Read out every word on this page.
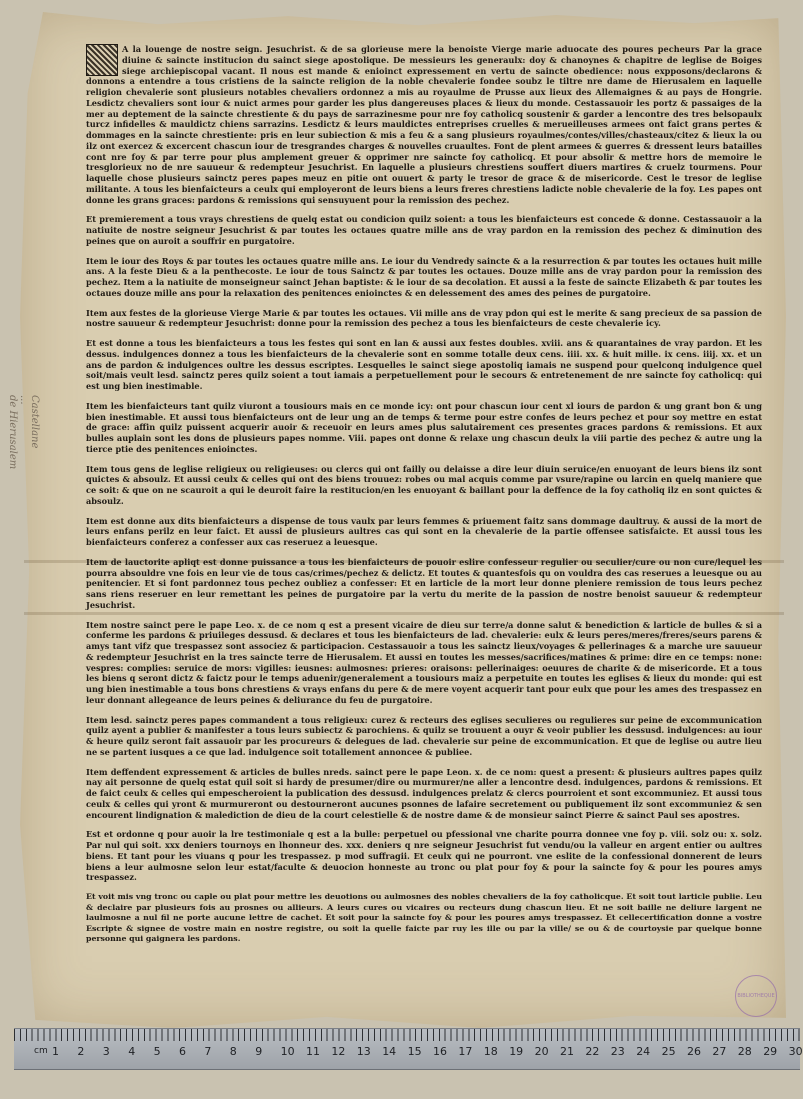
Castellane
...
de Hierusalem

A la louenge de nostre seign. Jesuchrist. & de sa glorieuse mere la benoiste Vierge marie aduocate des poures pecheurs Par la grace diuine & saincte institucion du sainct siege apostolique. De messieurs les generaulx: doy & chanoynes & chapitre de leglise de Boiges siege archiepiscopal vacant. Il nous est mande & enioinct expressement en vertu de saincte obedience: nous expposons/declarons & donnons a entendre a tous cristiens de la saincte religion de la noble chevalerie fondee soubz le tiltre nre dame de Hierusalem en laquelle religion chevalerie sont plusieurs notables chevaliers ordonnez a mis au royaulme de Prusse aux lieux des Allemaignes & au pays de Hongrie. Lesdictz chevaliers sont iour & nuict armes pour garder les plus dangereuses places & lieux du monde. Cestassauoir les portz & passaiges de la mer au deptement de la saincte chrestiente & du pays de sarrazinesme pour nre foy catholicq soustenir & garder a lencontre des tres belsopaulx turcz infidelles & mauldictz chiens sarrazins. Lesdictz & leurs mauldictes entreprises cruelles & merueilleuses armees ont faict grans pertes & dommages en la saincte chrestiente: pris en leur subiection & mis a feu & a sang plusieurs royaulmes/contes/villes/chasteaux/citez & lieux la ou ilz ont exercez & excercent chascun iour de tresgrandes charges & nouvelles cruaultes. Font de plent armees & guerres & dressent leurs batailles cont nre foy & par terre pour plus amplement greuer & opprimer nre saincte foy catholicq. Et pour absolir & mettre hors de memoire le tresglorieux no de nre sauueur & redempteur Jesuchrist. En laquelle a plusieurs chrestiens souffert diuers martires & cruelz tourmens. Pour laquelle chose plusieurs sainctz peres papes meuz en pitie ont ouuert & party le tresor de grace & de misericorde. Cest le tresor de leglise militante. A tous les bienfaicteurs a ceulx qui employeront de leurs biens a leurs freres chrestiens ladicte noble chevalerie de la foy. Les papes ont donne les grans graces: pardons & remissions qui sensuyuent pour la remission des pechez.

Et premierement a tous vrays chrestiens de quelq estat ou condicion quilz soient: a tous les bienfaicteurs est concede & donne. Cestassauoir a la natiuite de nostre seigneur Jesuchrist & par toutes les octaues quatre mille ans de vray pardon en la remission des pechez & diminution des peines que on auroit a souffrir en purgatoire.

Item le iour des Roys & par toutes les octaues quatre mille ans. Le iour du Vendredy saincte & a la resurrection & par toutes les octaues huit mille ans. A la feste Dieu & a la penthecoste. Le iour de tous Sainctz & par toutes les octaues. Douze mille ans de vray pardon pour la remission des pechez. Item a la natiuite de monseigneur sainct Jehan baptiste: & le iour de sa decolation. Et aussi a la feste de saincte Elizabeth & par toutes les octaues douze mille ans pour la relaxation des penitences enioinctes & en delessement des ames des peines de purgatoire.

Item aux festes de la glorieuse Vierge Marie & par toutes les octaues. Vii mille ans de vray pdon qui est le merite & sang precieux de sa passion de nostre sauueur & redempteur Jesuchrist: donne pour la remission des pechez a tous les bienfaicteurs de ceste chevalerie icy.

Et est donne a tous les bienfaicteurs a tous les festes qui sont en lan & aussi aux festes doubles. xviii. ans & quarantaines de vray pardon. Et les dessus. indulgences donnez a tous les bienfaicteurs de la chevalerie sont en somme totalle deux cens. iiii. xx. & huit mille. ix cens. iiij. xx. et un ans de pardon & indulgences oultre les dessus escriptes. Lesquelles le sainct siege apostoliq iamais ne suspend pour quelconq indulgence quel soit/mais veult lesd. sainctz peres quilz soient a tout iamais a perpetuellement pour le secours & entretenement de nre saincte foy catholicq: qui est ung bien inestimable.

Item les bienfaicteurs tant quilz viuront a tousiours mais en ce monde icy: ont pour chascun iour cent xl iours de pardon & ung grant bon & ung bien inestimable. Et aussi tous bienfaicteurs ont de leur ung an de temps & terme pour estre confes de leurs pechez et pour soy mettre en estat de grace: affin quilz puissent acquerir auoir & receuoir en leurs ames plus salutairement ces presentes graces pardons & remissions. Et aux bulles auplain sont les dons de plusieurs papes nomme. Viii. papes ont donne & relaxe ung chascun deulx la viii partie des pechez & autre ung la tierce ptie des penitences enioinctes.

Item tous gens de leglise religieux ou religieuses: ou clercs qui ont failly ou delaisse a dire leur diuin seruice/en enuoyant de leurs biens ilz sont quictes & absoulz. Et aussi ceulx & celles qui ont des biens trouuez: robes ou mal acquis comme par vsure/rapine ou larcin en quelq maniere que ce soit: & que on ne scauroit a qui le deuroit faire la restitucion/en les enuoyant & baillant pour la deffence de la foy catholiq ilz en sont quictes & absoulz.

Item est donne aux dits bienfaicteurs a dispense de tous vaulx par leurs femmes & priuement faitz sans dommage daultruy. & aussi de la mort de leurs enfans perilz en leur faict. Et aussi de plusieurs aultres cas qui sont en la chevalerie de la partie offensee satisfaicte. Et aussi tous les bienfaicteurs conferez a confesser aux cas reseruez a leuesque.

Item de lauctorite apliqt est donne puissance a tous les bienfaicteurs de pouoir eslire confesseur regulier ou seculier/cure ou non cure/lequel les pourra absouldre vne fois en leur vie de tous cas/crimes/pechez & delictz. Et toutes & quantesfois qu on vouldra des cas reserues a leuesque ou au penitencier. Et si font pardonnez tous pechez oubliez a confesser: Et en larticle de la mort leur donne pleniere remission de tous leurs pechez sans riens reseruer en leur remettant les peines de purgatoire par la vertu du merite de la passion de nostre benoist sauueur & redempteur Jesuchrist.

Item nostre sainct pere le pape Leo. x. de ce nom q est a present vicaire de dieu sur terre/a donne salut & benediction & larticle de bulles & si a conferme les pardons & priuileges dessusd. & declares et tous les bienfaicteurs de lad. chevalerie: eulx & leurs peres/meres/freres/seurs parens & amys tant vifz que trespassez sont associez & participacion. Cestassauoir a tous les sainctz lieux/voyages & pellerinages & a marche ure sauueur & redempteur Jesuchrist en la tres saincte terre de Hierusalem. Et aussi en toutes les messes/sacrifices/matines & prime: dire en ce temps: none: vespres: complies: seruice de mors: vigilles: ieusnes: aulmosnes: prieres: oraisons: pellerinaiges: oeuures de charite & de misericorde. Et a tous les biens q seront dictz & faictz pour le temps aduenir/generalement a tousiours maiz a perpetuite en toutes les eglises & lieux du monde: qui est ung bien inestimable a tous bons chrestiens & vrays enfans du pere & de mere voyent acquerir tant pour eulx que pour les ames des trespassez en leur donnant allegeance de leurs peines & deliurance du feu de purgatoire.

Item lesd. sainctz peres papes commandent a tous religieux: curez & recteurs des eglises seculieres ou regulieres sur peine de excommunication quilz ayent a publier & manifester a tous leurs subiectz & parochiens. & quilz se trouuent a ouyr & veoir publier les dessusd. indulgences: au iour & heure quilz seront fait assauoir par les procureurs & delegues de lad. chevalerie sur peine de excommunication. Et que de leglise ou autre lieu ne se partent iusques a ce que lad. indulgence soit totallement annoncee & publiee.

Item deffendent expressement & articles de bulles nreds. sainct pere le pape Leon. x. de ce nom: quest a present: & plusieurs aultres papes quilz nay ait personne de quelq estat quil soit si hardy de presumer/dire ou murmurer/ne aller a lencontre desd. indulgences, pardons & remissions. Et de faict ceulx & celles qui empescheroient la publication des dessusd. indulgences prelatz & clercs pourroient et sont excommuniez. Et aussi tous ceulx & celles qui yront & murmureront ou destourneront aucunes psonnes de lafaire secretement ou publiquement ilz sont excommuniez & sen encourent lindignation & malediction de dieu de la court celestielle & de nostre dame & de monsieur sainct Pierre & sainct Paul ses apostres.

Est et ordonne q pour auoir la lre testimoniale q est a la bulle: perpetuel ou pfessional vne charite pourra donnee vne foy p. viii. solz ou: x. solz. Par nul qui soit. xxx deniers tournoys en lhonneur des. xxx. deniers q nre seigneur Jesuchrist fut vendu/ou la valleur en argent entier ou aultres biens. Et tant pour les viuans q pour les trespassez. p mod suffragii. Et ceulx qui ne pourront. vne eslite de la confessional donnerent de leurs biens a leur aulmosne selon leur estat/faculte & deuocion honneste au tronc ou plat pour foy & pour la saincte foy & pour les poures amys trespassez.

Et voit mis vng tronc ou caple ou plat pour mettre les deuotions ou aulmosnes des nobles chevaliers de la foy catholicque. Et soit tout larticle publie. Leu & declaire par plusieurs fois au prosnes ou allieurs. A leurs cures ou vicaires ou recteurs dung chascun lieu. Et ne soit baille ne deliure largent ne laulmosne a nul fil ne porte aucune lettre de cachet. Et soit pour la saincte foy & pour les poures amys trespassez. Et cellecertification donne a vostre Escripte & signee de vostre main en nostre registre, ou soit la quelle faicte par ruy les ille ou par la ville/ se ou & de courtoysie par quelque bonne personne qui gaignera les pardons.

BIBLIOTHEQUE
cm 1 2 3 4 5 6 7 8 9 10 11 12 13 14 15 16 17 18 19 20 21 22 23 24 25 26 27 28 29 30
